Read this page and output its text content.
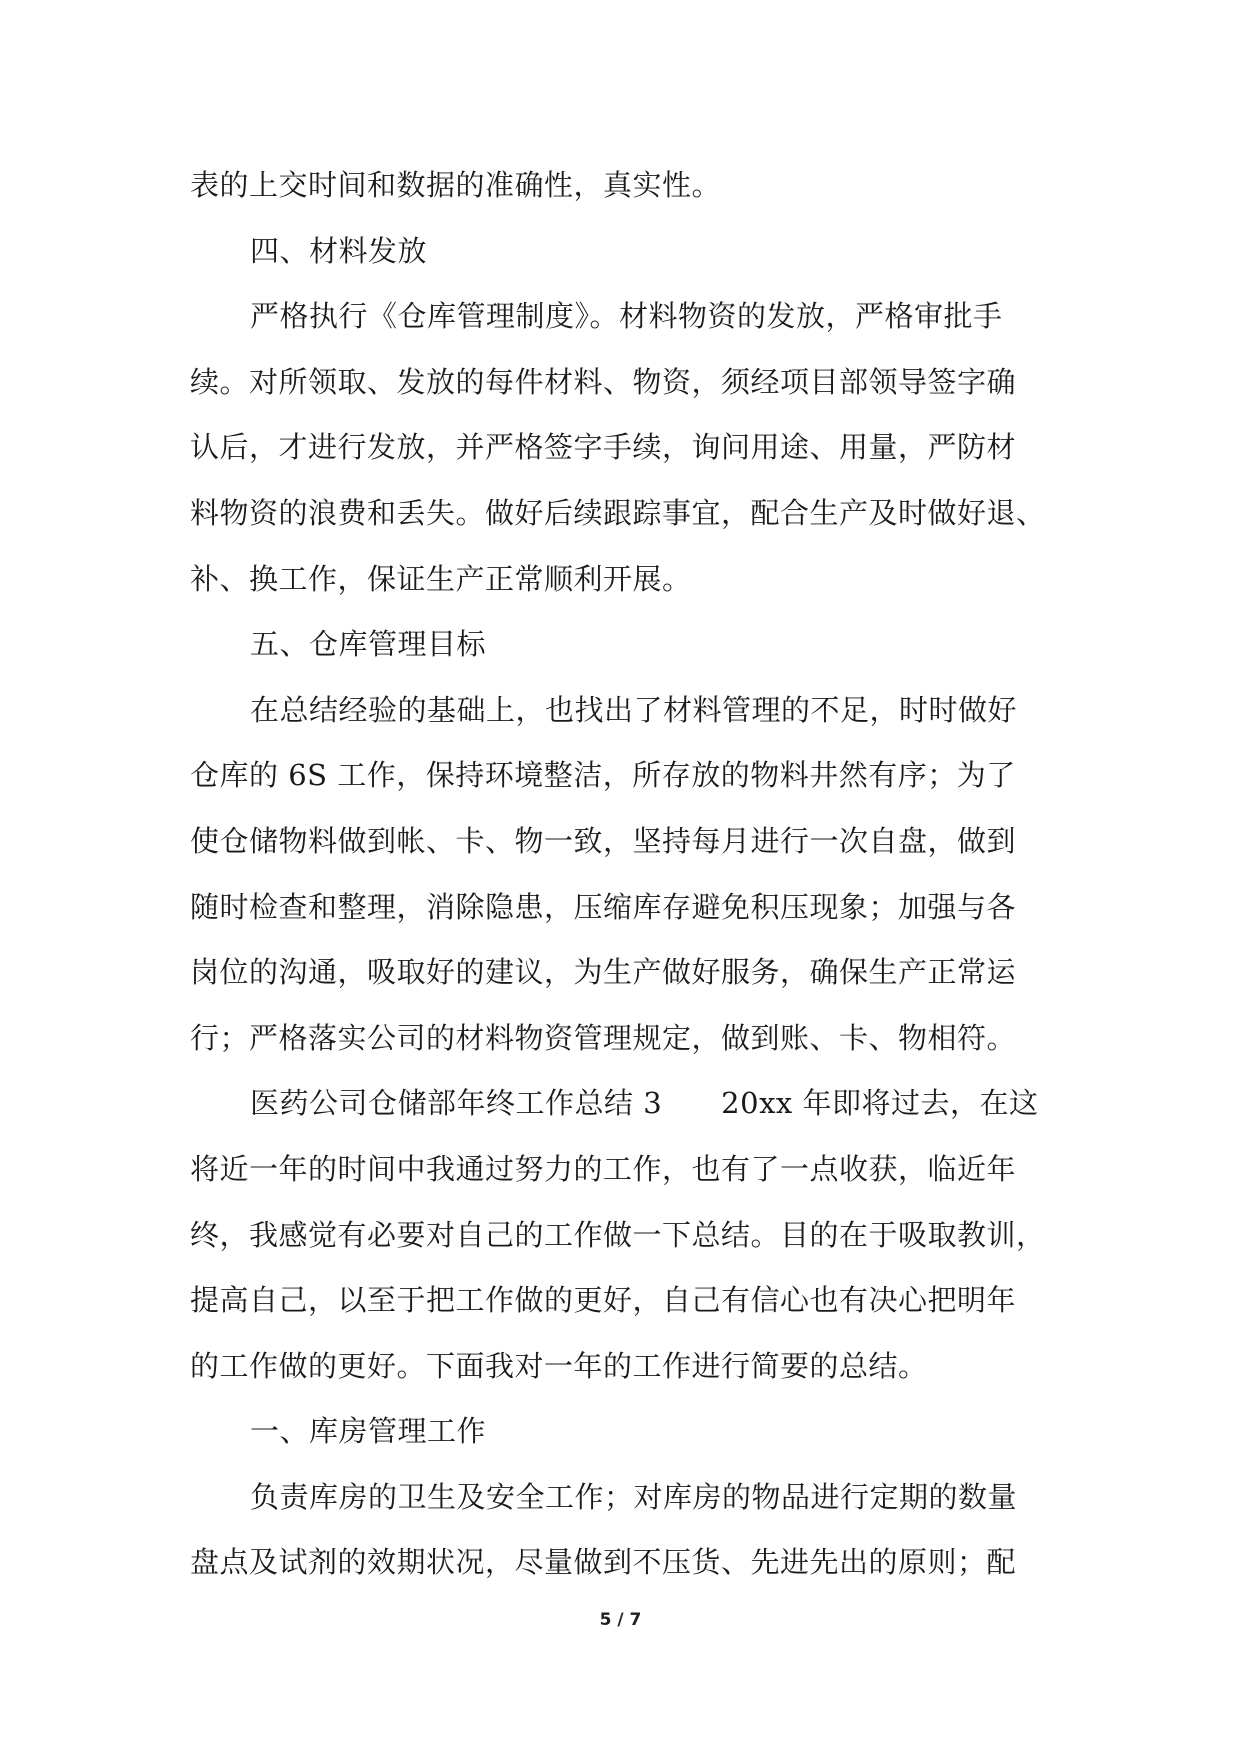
表的上交时间和数据的准确性，真实性。
四、材料发放
严格执行《仓库管理制度》。材料物资的发放，严格审批手
续。对所领取、发放的每件材料、物资，须经项目部领导签字确
认后，才进行发放，并严格签字手续，询问用途、用量，严防材
料物资的浪费和丢失。做好后续跟踪事宜，配合生产及时做好退、
补、换工作，保证生产正常顺利开展。
五、仓库管理目标
在总结经验的基础上，也找出了材料管理的不足，时时做好
仓库的 6S 工作，保持环境整洁，所存放的物料井然有序；为了
使仓储物料做到帐、卡、物一致，坚持每月进行一次自盘，做到
随时检查和整理，消除隐患，压缩库存避免积压现象；加强与各
岗位的沟通，吸取好的建议，为生产做好服务，确保生产正常运
行；严格落实公司的材料物资管理规定，做到账、卡、物相符。
医药公司仓储部年终工作总结 3　　20xx 年即将过去，在这
将近一年的时间中我通过努力的工作，也有了一点收获，临近年
终，我感觉有必要对自己的工作做一下总结。目的在于吸取教训，
提高自己，以至于把工作做的更好，自己有信心也有决心把明年
的工作做的更好。下面我对一年的工作进行简要的总结。
一、库房管理工作
负责库房的卫生及安全工作；对库房的物品进行定期的数量
盘点及试剂的效期状况，尽量做到不压货、先进先出的原则；配
5 / 7
